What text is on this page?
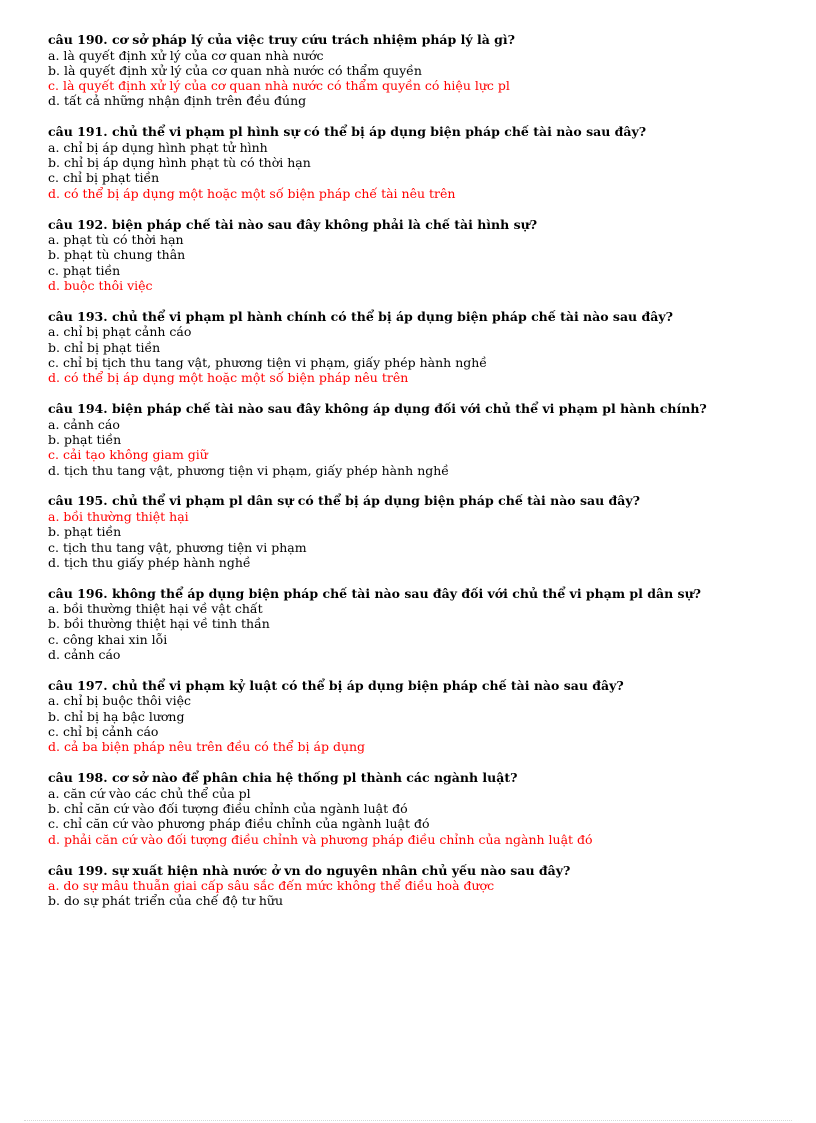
câu 190. cơ sở pháp lý của việc truy cứu trách nhiệm pháp lý là gì?
a. là quyết định xử lý của cơ quan nhà nước
b. là quyết định xử lý của cơ quan nhà nước có thẩm quyền
c. là quyết định xử lý của cơ quan nhà nước có thẩm quyền có hiệu lực pl
d. tất cả những nhận định trên đều đúng
câu 191. chủ thể vi phạm pl hình sự có thể bị áp dụng biện pháp chế tài nào sau đây?
a. chỉ bị áp dụng hình phạt tử hình
b. chỉ bị áp dụng hình phạt tù có thời hạn
c. chỉ bị phạt tiền
d. có thể bị áp dụng một hoặc một số biện pháp chế tài nêu trên
câu 192. biện pháp chế tài nào sau đây không phải là chế tài hình sự?
a. phạt tù có thời hạn
b. phạt tù chung thân
c. phạt tiền
d. buộc thôi việc
câu 193. chủ thể vi phạm pl hành chính có thể bị áp dụng biện pháp chế tài nào sau đây?
a. chỉ bị phạt cảnh cáo
b. chỉ bị phạt tiền
c. chỉ bị tịch thu tang vật, phương tiện vi phạm, giấy phép hành nghề
d. có thể bị áp dụng một hoặc một số biện pháp nêu trên
câu 194. biện pháp chế tài nào sau đây không áp dụng đối với chủ thể vi phạm pl hành chính?
a. cảnh cáo
b. phạt tiền
c. cải tạo không giam giữ
d. tịch thu tang vật, phương tiện vi phạm, giấy phép hành nghề
câu 195. chủ thể vi phạm pl dân sự có thể bị áp dụng biện pháp chế tài nào sau đây?
a. bồi thường thiệt hại
b. phạt tiền
c. tịch thu tang vật, phương tiện vi phạm
d. tịch thu giấy phép hành nghề
câu 196. không thể áp dụng biện pháp chế tài nào sau đây đối với chủ thể vi phạm pl dân sự?
a. bồi thường thiệt hại về vật chất
b. bồi thường thiệt hại về tinh thần
c. công khai xin lỗi
d. cảnh cáo
câu 197. chủ thể vi phạm kỷ luật có thể bị áp dụng biện pháp chế tài nào sau đây?
a. chỉ bị buộc thôi việc
b. chỉ bị hạ bậc lương
c. chỉ bị cảnh cáo
d. cả ba biện pháp nêu trên đều có thể bị áp dụng
câu 198. cơ sở nào để phân chia hệ thống pl thành các ngành luật?
a. căn cứ vào các chủ thể của pl
b. chỉ căn cứ vào đối tượng điều chỉnh của ngành luật đó
c. chỉ căn cứ vào phương pháp điều chỉnh của ngành luật đó
d. phải căn cứ vào đối tượng điều chỉnh và phương pháp điều chỉnh của ngành luật đó
câu 199. sự xuất hiện nhà nước ở vn do nguyên nhân chủ yếu nào sau đây?
a. do sự mâu thuẫn giai cấp sâu sắc đến mức không thể điều hoà được
b. do sự phát triển của chế độ tư hữu
